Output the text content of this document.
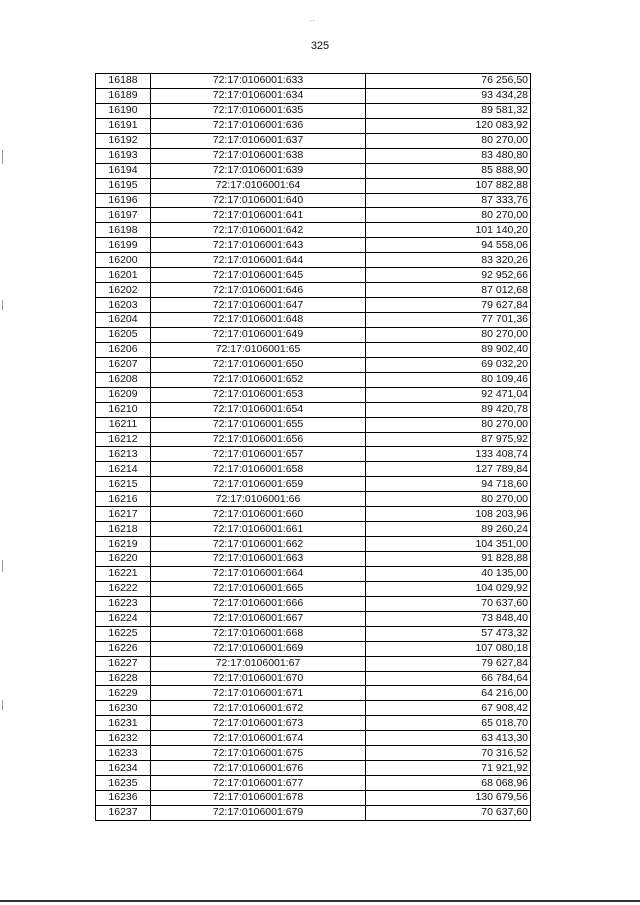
..
325
16188	72:17:0106001:633	76 256,50
16189	72:17:0106001:634	93 434,28
16190	72:17:0106001:635	89 581,32
16191	72:17:0106001:636	120 083,92
16192	72:17:0106001:637	80 270,00
16193	72:17:0106001:638	83 480,80
16194	72:17:0106001:639	85 888,90
16195	72:17:0106001:64	107 882,88
16196	72:17:0106001:640	87 333,76
16197	72:17:0106001:641	80 270,00
16198	72:17:0106001:642	101 140,20
16199	72:17:0106001:643	94 558,06
16200	72:17:0106001:644	83 320,26
16201	72:17:0106001:645	92 952,66
16202	72:17:0106001:646	87 012,68
16203	72:17:0106001:647	79 627,84
16204	72:17:0106001:648	77 701,36
16205	72:17:0106001:649	80 270,00
16206	72:17:0106001:65	89 902,40
16207	72:17:0106001:650	69 032,20
16208	72:17:0106001:652	80 109,46
16209	72:17:0106001:653	92 471,04
16210	72:17:0106001:654	89 420,78
16211	72:17:0106001:655	80 270,00
16212	72:17:0106001:656	87 975,92
16213	72:17:0106001:657	133 408,74
16214	72:17:0106001:658	127 789,84
16215	72:17:0106001:659	94 718,60
16216	72:17:0106001:66	80 270,00
16217	72:17:0106001:660	108 203,96
16218	72:17:0106001:661	89 260,24
16219	72:17:0106001:662	104 351,00
16220	72:17:0106001:663	91 828,88
16221	72:17:0106001:664	40 135,00
16222	72:17:0106001:665	104 029,92
16223	72:17:0106001:666	70 637,60
16224	72:17:0106001:667	73 848,40
16225	72:17:0106001:668	57 473,32
16226	72:17:0106001:669	107 080,18
16227	72:17:0106001:67	79 627,84
16228	72:17:0106001:670	66 784,64
16229	72:17:0106001:671	64 216,00
16230	72:17:0106001:672	67 908,42
16231	72:17:0106001:673	65 018,70
16232	72:17:0106001:674	63 413,30
16233	72:17:0106001:675	70 316,52
16234	72:17:0106001:676	71 921,92
16235	72:17:0106001:677	68 068,96
16236	72:17:0106001:678	130 679,56
16237	72:17:0106001:679	70 637,60
